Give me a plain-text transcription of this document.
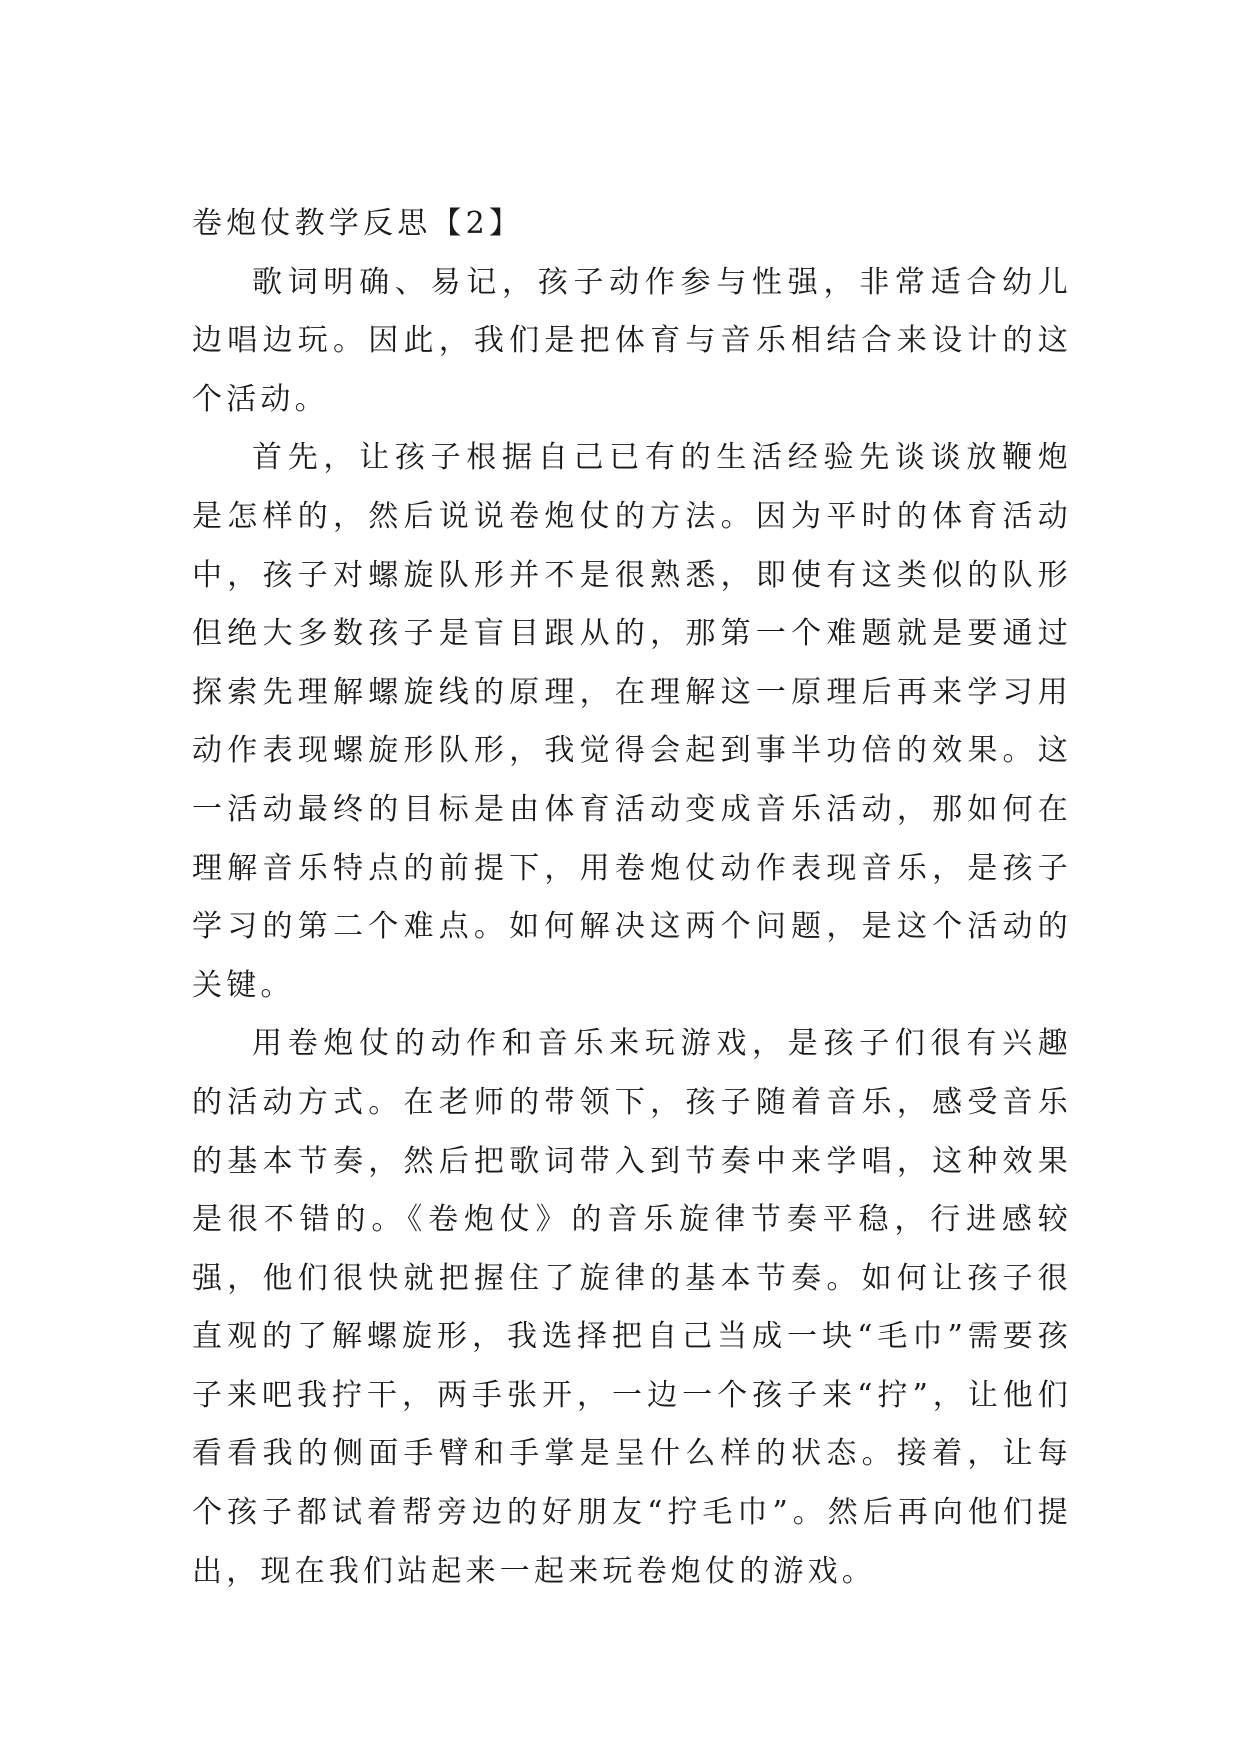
卷炮仗教学反思【2】

歌词明确、易记，孩子动作参与性强，非常适合幼儿边唱边玩。因此，我们是把体育与音乐相结合来设计的这个活动。

首先，让孩子根据自己已有的生活经验先谈谈放鞭炮是怎样的，然后说说卷炮仗的方法。因为平时的体育活动中，孩子对螺旋队形并不是很熟悉，即使有这类似的队形但绝大多数孩子是盲目跟从的，那第一个难题就是要通过探索先理解螺旋线的原理，在理解这一原理后再来学习用动作表现螺旋形队形，我觉得会起到事半功倍的效果。这一活动最终的目标是由体育活动变成音乐活动，那如何在理解音乐特点的前提下，用卷炮仗动作表现音乐，是孩子学习的第二个难点。如何解决这两个问题，是这个活动的关键。

用卷炮仗的动作和音乐来玩游戏，是孩子们很有兴趣的活动方式。在老师的带领下，孩子随着音乐，感受音乐的基本节奏，然后把歌词带入到节奏中来学唱，这种效果是很不错的。《卷炮仗》的音乐旋律节奏平稳，行进感较强，他们很快就把握住了旋律的基本节奏。如何让孩子很直观的了解螺旋形，我选择把自己当成一块“毛巾”需要孩子来吧我拧干，两手张开，一边一个孩子来“拧”，让他们看看我的侧面手臂和手掌是呈什么样的状态。接着，让每个孩子都试着帮旁边的好朋友“拧毛巾”。然后再向他们提出，现在我们站起来一起来玩卷炮仗的游戏。
